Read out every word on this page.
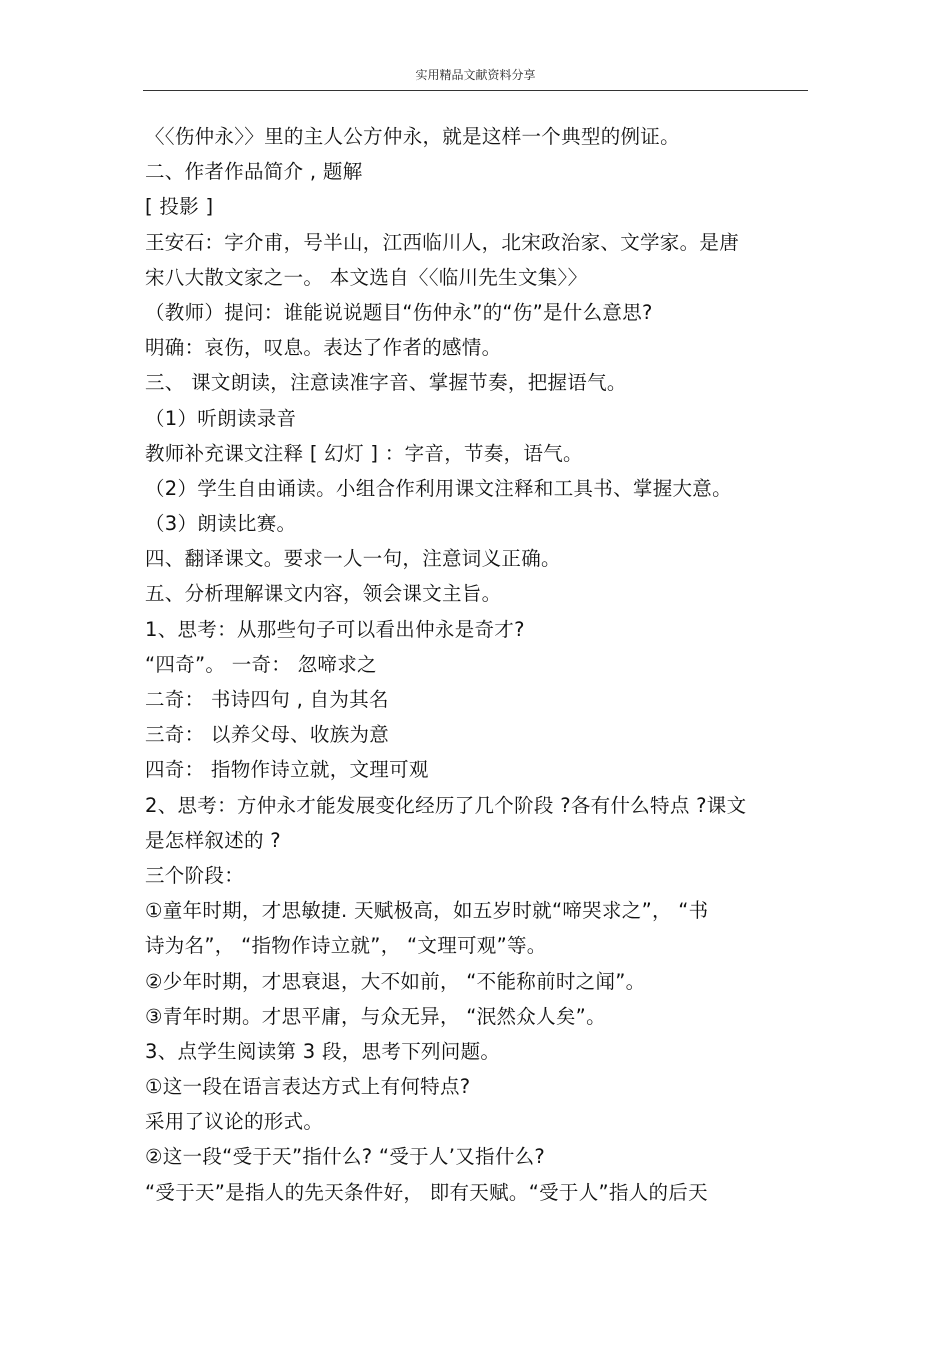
实用精品文献资料分享
〈〈伤仲永〉〉里的主人公方仲永，就是这样一个典型的例证。
二、作者作品简介 , 题解
[ 投影 ]
王安石：字介甫，号半山，江西临川人，北宋政治家、文学家。是唐
宋八大散文家之一。 本文选自〈〈临川先生文集〉〉
（教师）提问：谁能说说题目“伤仲永”的“伤”是什么意思?
明确：哀伤，叹息。表达了作者的感情。
三、 课文朗读，注意读准字音、掌握节奏，把握语气。
（1）听朗读录音
教师补充课文注释 [ 幻灯 ] ：字音，节奏，语气。
（2）学生自由诵读。小组合作利用课文注释和工具书、掌握大意。
（3）朗读比赛。
四、翻译课文。要求一人一句，注意词义正确。
五、分析理解课文内容，领会课文主旨。
1、思考：从那些句子可以看出仲永是奇才?
“四奇”。 一奇： 忽啼求之
二奇： 书诗四句 , 自为其名
三奇： 以养父母、收族为意
四奇： 指物作诗立就，文理可观
2、思考：方仲永才能发展变化经历了几个阶段 ?各有什么特点 ?课文
是怎样叙述的 ?
三个阶段：
①童年时期，才思敏捷. 天赋极高，如五岁时就“啼哭求之”， “书
诗为名”， “指物作诗立就”， “文理可观”等。
②少年时期，才思衰退，大不如前， “不能称前时之闻”。
③青年时期。才思平庸，与众无异， “泯然众人矣”。
3、点学生阅读第 3 段，思考下列问题。
①这一段在语言表达方式上有何特点?
采用了议论的形式。
②这一段“受于天”指什么? “受于人’又指什么?
“受于天”是指人的先天条件好， 即有天赋。“受于人”指人的后天
